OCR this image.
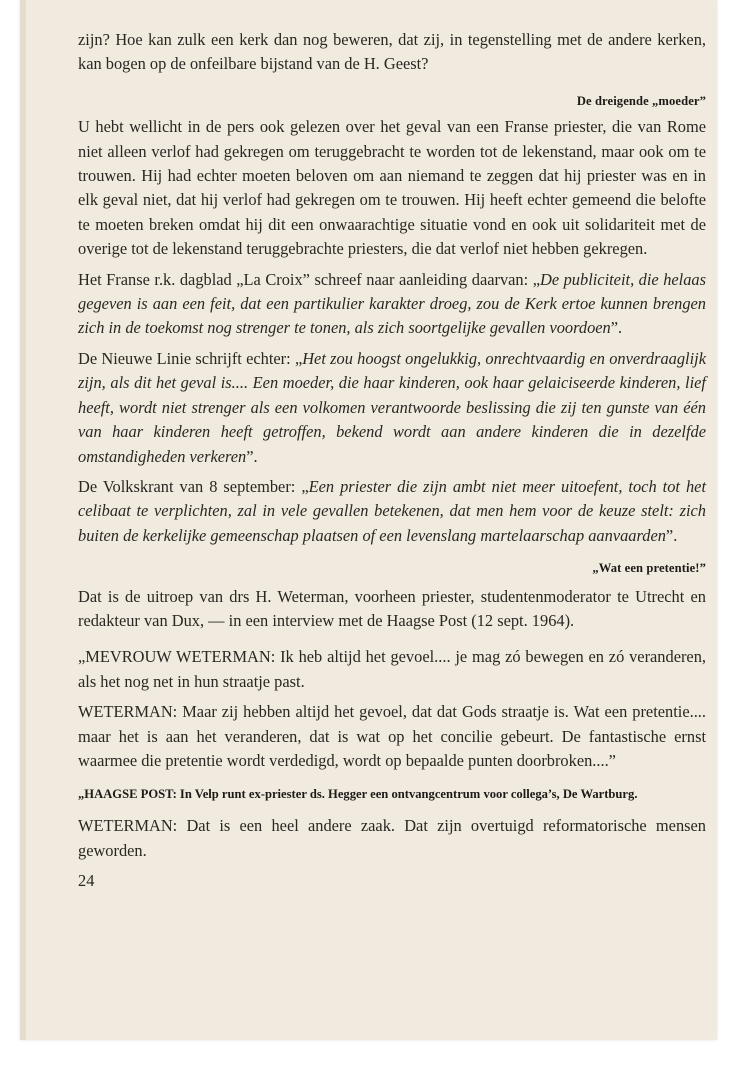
zijn? Hoe kan zulk een kerk dan nog beweren, dat zij, in tegenstelling met de andere kerken, kan bogen op de onfeilbare bijstand van de H. Geest?

De dreigende „moeder”

U hebt wellicht in de pers ook gelezen over het geval van een Franse priester, die van Rome niet alleen verlof had gekregen om teruggebracht te worden tot de lekenstand, maar ook om te trouwen. Hij had echter moeten beloven om aan niemand te zeggen dat hij priester was en in elk geval niet, dat hij verlof had gekregen om te trouwen. Hij heeft echter gemeend die belofte te moeten breken omdat hij dit een onwaarachtige situatie vond en ook uit solidariteit met de overige tot de lekenstand teruggebrachte priesters, die dat verlof niet hebben gekregen.

Het Franse r.k. dagblad „La Croix” schreef naar aanleiding daarvan: „De publiciteit, die helaas gegeven is aan een feit, dat een partikulier karakter droeg, zou de Kerk ertoe kunnen brengen zich in de toekomst nog strenger te tonen, als zich soortgelijke gevallen voordoen”.

De Nieuwe Linie schrijft echter: „Het zou hoogst ongelukkig, onrechtvaardig en onverdraaglijk zijn, als dit het geval is.... Een moeder, die haar kinderen, ook haar gelaiciseerde kinderen, lief heeft, wordt niet strenger als een volkomen verantwoorde beslissing die zij ten gunste van één van haar kinderen heeft getroffen, bekend wordt aan andere kinderen die in dezelfde omstandigheden verkeren”.

De Volkskrant van 8 september: „Een priester die zijn ambt niet meer uitoefent, toch tot het celibaat te verplichten, zal in vele gevallen betekenen, dat men hem voor de keuze stelt: zich buiten de kerkelijke gemeenschap plaatsen of een levenslang martelaarschap aanvaarden”.

„Wat een pretentie!”

Dat is de uitroep van drs H. Weterman, voorheen priester, studentenmoderator te Utrecht en redakteur van Dux, — in een interview met de Haagse Post (12 sept. 1964).

„MEVROUW WETERMAN: Ik heb altijd het gevoel.... je mag zó bewegen en zó veranderen, als het nog net in hun straatje past.

WETERMAN: Maar zij hebben altijd het gevoel, dat dat Gods straatje is. Wat een pretentie.... maar het is aan het veranderen, dat is wat op het concilie gebeurt. De fantastische ernst waarmee die pretentie wordt verdedigd, wordt op bepaalde punten doorbroken....”

„HAAGSE POST: In Velp runt ex-priester ds. Hegger een ontvangcentrum voor collega’s, De Wartburg.

WETERMAN: Dat is een heel andere zaak. Dat zijn overtuigd reformatorische mensen geworden.

24
